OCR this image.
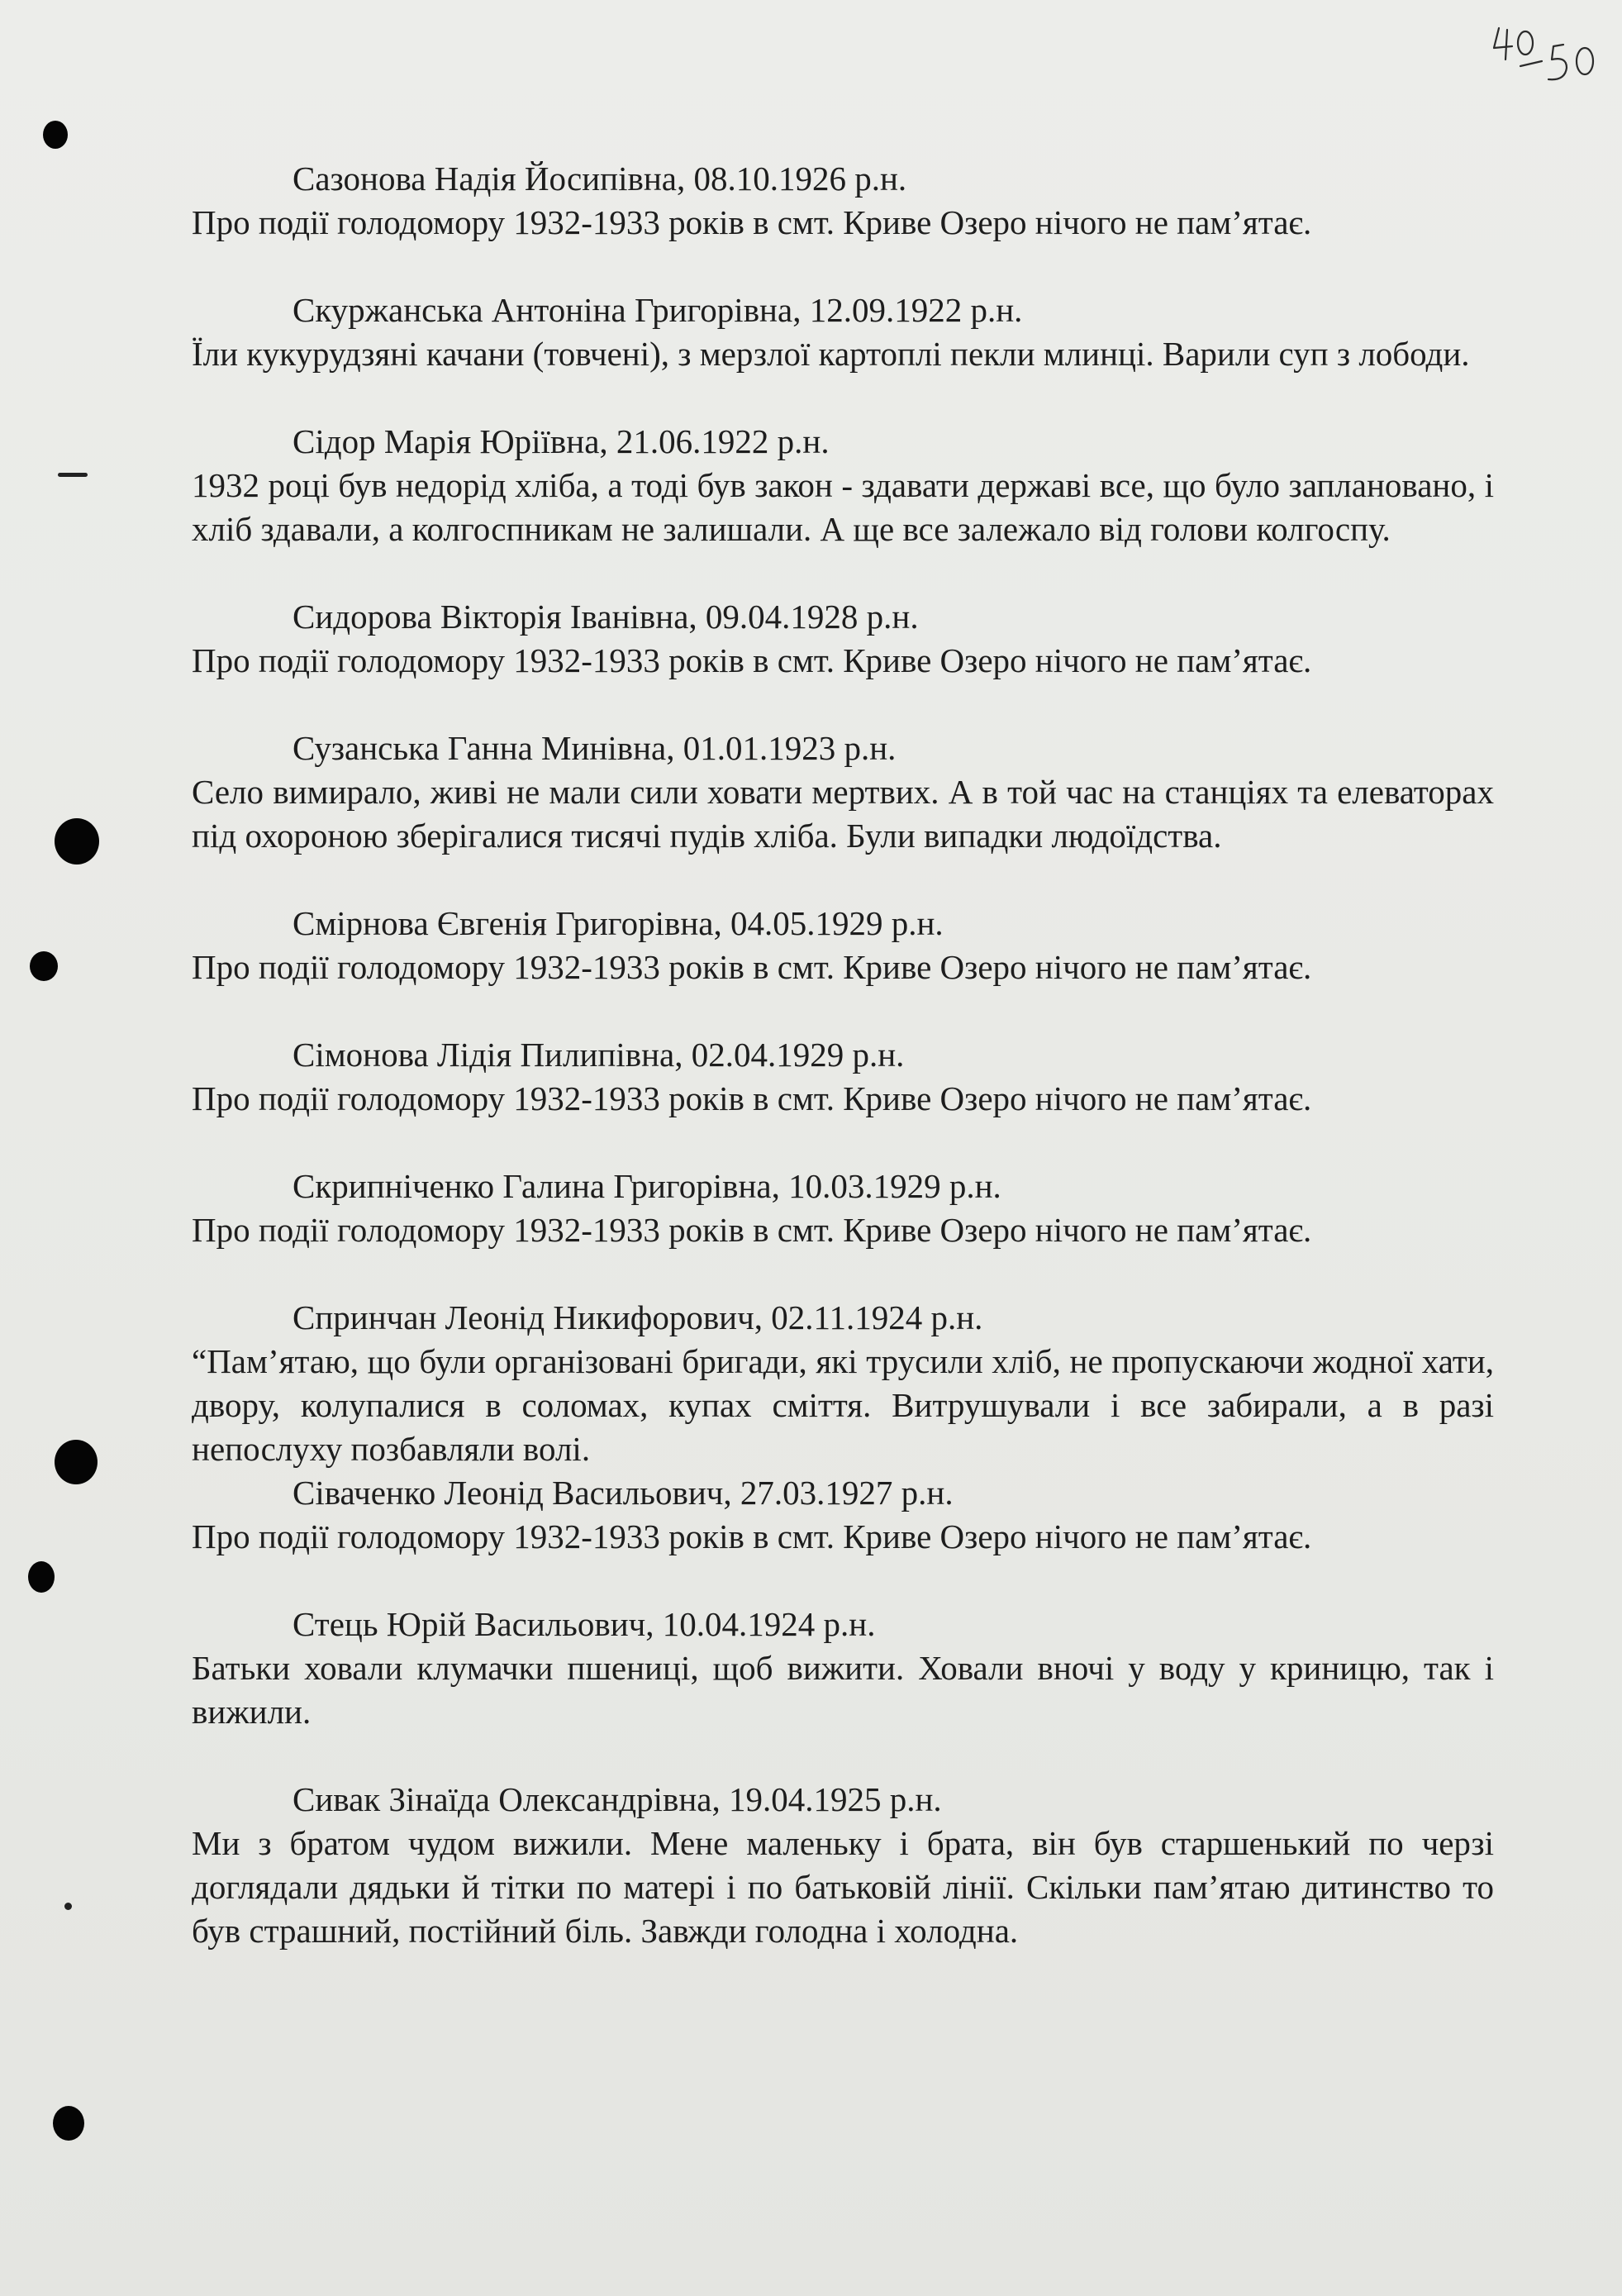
Сазонова Надія Йосипівна, 08.10.1926 р.н.
Про події голодомору 1932-1933 років в смт. Криве Озеро нічого не пам’ятає.
Скуржанська Антоніна Григорівна, 12.09.1922 р.н.
Їли кукурудзяні качани (товчені), з мерзлої картоплі пекли млинці. Варили суп з лободи.
Сідор Марія Юріївна, 21.06.1922 р.н.
1932 році був недорід хліба, а тоді був закон - здавати державі все, що було заплановано, і хліб здавали, а колгоспникам не залишали. А ще все залежало від голови колгоспу.
Сидорова Вікторія Іванівна, 09.04.1928 р.н.
Про події голодомору 1932-1933 років в смт. Криве Озеро нічого не пам’ятає.
Сузанська Ганна Минівна, 01.01.1923 р.н.
Село вимирало, живі не мали сили ховати мертвих. А в той час на станціях та елеваторах під охороною зберігалися тисячі пудів хліба. Були випадки людоїдства.
Смірнова Євгенія Григорівна, 04.05.1929 р.н.
Про події голодомору 1932-1933 років в смт. Криве Озеро нічого не пам’ятає.
Сімонова Лідія Пилипівна, 02.04.1929 р.н.
Про події голодомору 1932-1933 років в смт. Криве Озеро нічого не пам’ятає.
Скрипніченко Галина Григорівна, 10.03.1929 р.н.
Про події голодомору 1932-1933 років в смт. Криве Озеро нічого не пам’ятає.
Спринчан Леонід Никифорович, 02.11.1924 р.н.
“Пам’ятаю, що були організовані бригади, які трусили хліб, не пропускаючи жодної хати, двору, колупалися в соломах, купах сміття. Витрушували і все забирали, а в разі непослуху позбавляли волі.
Сіваченко Леонід Васильович, 27.03.1927 р.н.
Про події голодомору 1932-1933 років в смт. Криве Озеро нічого не пам’ятає.
Стець Юрій Васильович, 10.04.1924 р.н.
Батьки ховали клумачки пшениці, щоб вижити. Ховали вночі у воду у криницю, так і вижили.
Сивак Зінаїда Олександрівна, 19.04.1925 р.н.
Ми з братом чудом вижили. Мене маленьку і брата, він був старшенький по черзі доглядали дядьки й тітки по матері і по батьковій лінії. Скільки пам’ятаю дитинство то був страшний, постійний біль. Завжди голодна і холодна.
